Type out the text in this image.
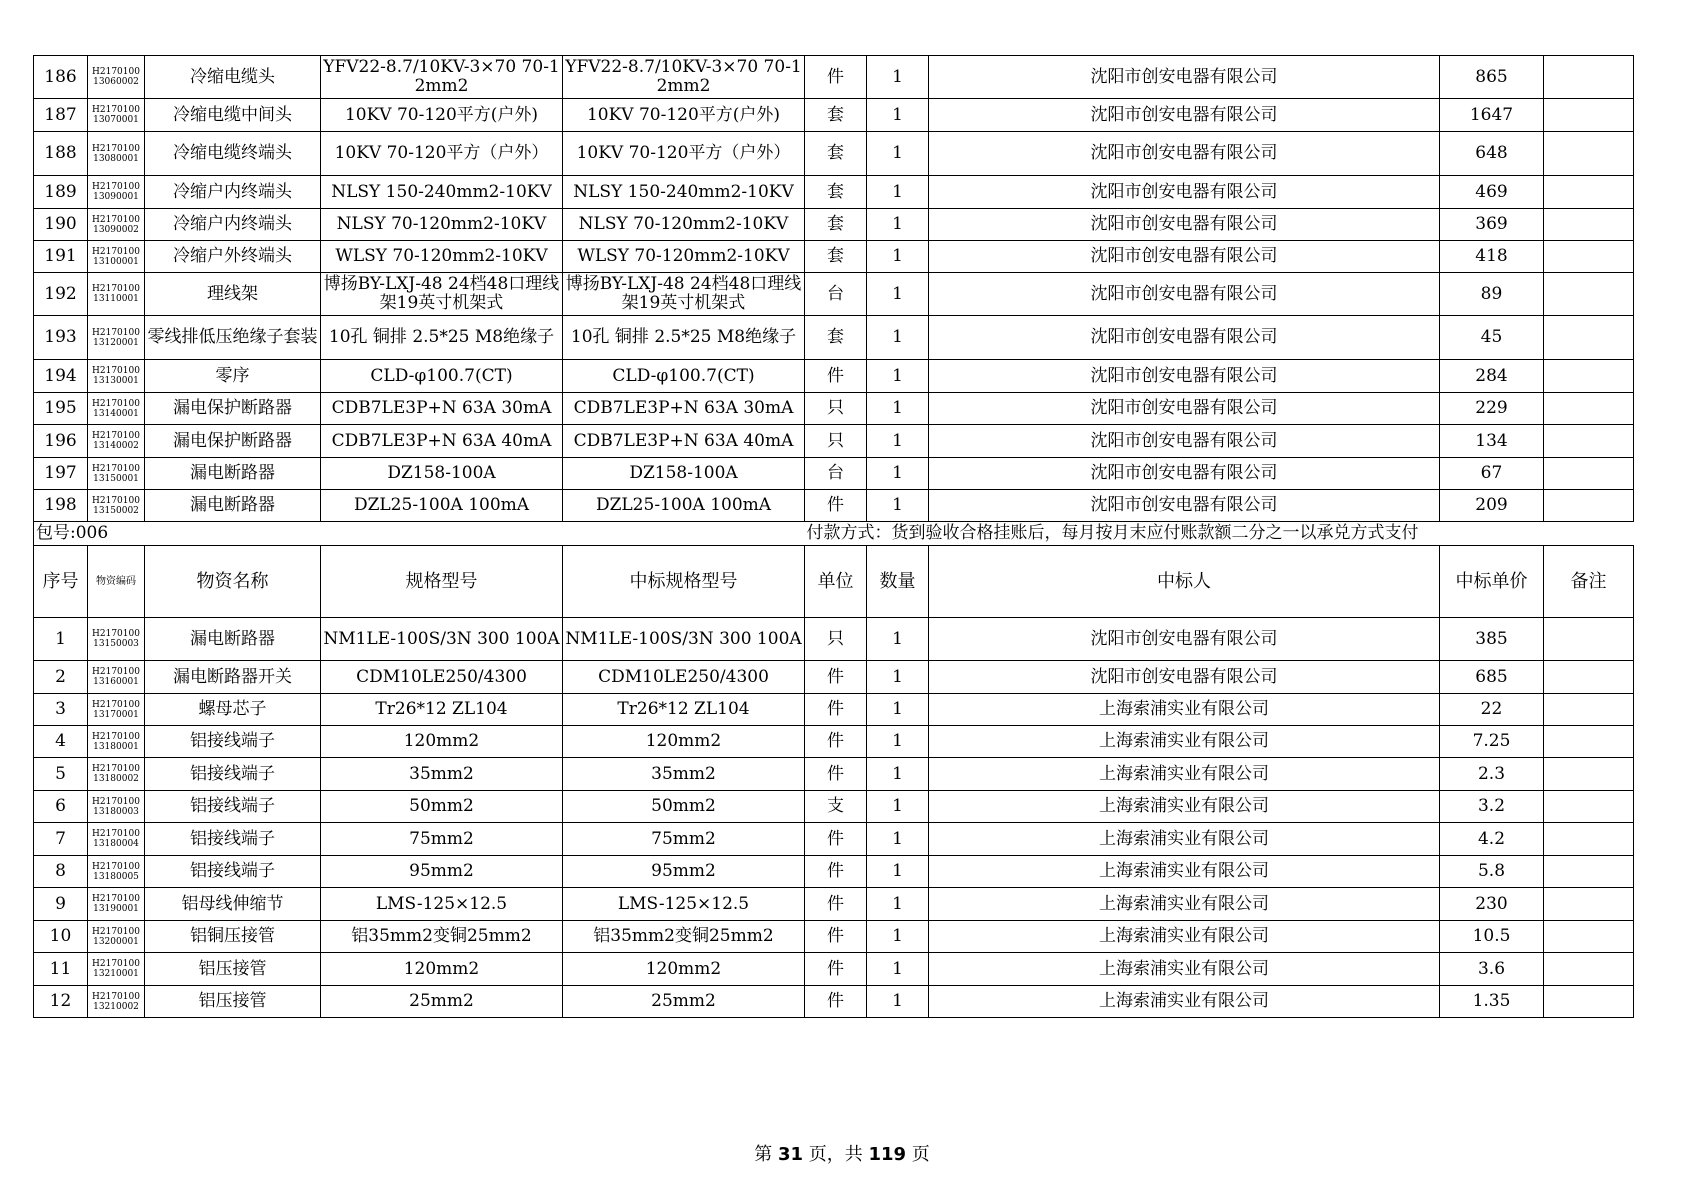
186	H2170100 13060002	冷缩电缆头	YFV22-8.7/10KV-3×70 70-12mm2	YFV22-8.7/10KV-3×70 70-12mm2	件	1	沈阳市创安电器有限公司	865	
187	H2170100 13070001	冷缩电缆中间头	10KV 70-120平方(户外)	10KV 70-120平方(户外)	套	1	沈阳市创安电器有限公司	1647	
188	H2170100 13080001	冷缩电缆终端头	10KV 70-120平方（户外）	10KV 70-120平方（户外）	套	1	沈阳市创安电器有限公司	648	
189	H2170100 13090001	冷缩户内终端头	NLSY 150-240mm2-10KV	NLSY 150-240mm2-10KV	套	1	沈阳市创安电器有限公司	469	
190	H2170100 13090002	冷缩户内终端头	NLSY 70-120mm2-10KV	NLSY 70-120mm2-10KV	套	1	沈阳市创安电器有限公司	369	
191	H2170100 13100001	冷缩户外终端头	WLSY 70-120mm2-10KV	WLSY 70-120mm2-10KV	套	1	沈阳市创安电器有限公司	418	
192	H2170100 13110001	理线架	博扬BY-LXJ-48 24档48口理线架19英寸机架式	博扬BY-LXJ-48 24档48口理线架19英寸机架式	台	1	沈阳市创安电器有限公司	89	
193	H2170100 13120001	零线排低压绝缘子套装	10孔 铜排 2.5*25 M8绝缘子	10孔 铜排 2.5*25 M8绝缘子	套	1	沈阳市创安电器有限公司	45	
194	H2170100 13130001	零序	CLD-φ100.7(CT)	CLD-φ100.7(CT)	件	1	沈阳市创安电器有限公司	284	
195	H2170100 13140001	漏电保护断路器	CDB7LE3P+N 63A 30mA	CDB7LE3P+N 63A 30mA	只	1	沈阳市创安电器有限公司	229	
196	H2170100 13140002	漏电保护断路器	CDB7LE3P+N 63A 40mA	CDB7LE3P+N 63A 40mA	只	1	沈阳市创安电器有限公司	134	
197	H2170100 13150001	漏电断路器	DZ158-100A	DZ158-100A	台	1	沈阳市创安电器有限公司	67	
198	H2170100 13150002	漏电断路器	DZL25-100A 100mA	DZL25-100A 100mA	件	1	沈阳市创安电器有限公司	209	
包号:006					付款方式：货到验收合格挂账后，每月按月末应付账款额二分之一以承兑方式支付				
序号	物资编码	物资名称	规格型号	中标规格型号	单位	数量	中标人	中标单价	备注
1	H2170100 13150003	漏电断路器	NM1LE-100S/3N 300 100A	NM1LE-100S/3N 300 100A	只	1	沈阳市创安电器有限公司	385	
2	H2170100 13160001	漏电断路器开关	CDM10LE250/4300	CDM10LE250/4300	件	1	沈阳市创安电器有限公司	685	
3	H2170100 13170001	螺母芯子	Tr26*12 ZL104	Tr26*12 ZL104	件	1	上海索浦实业有限公司	22	
4	H2170100 13180001	铝接线端子	120mm2	120mm2	件	1	上海索浦实业有限公司	7.25	
5	H2170100 13180002	铝接线端子	35mm2	35mm2	件	1	上海索浦实业有限公司	2.3	
6	H2170100 13180003	铝接线端子	50mm2	50mm2	支	1	上海索浦实业有限公司	3.2	
7	H2170100 13180004	铝接线端子	75mm2	75mm2	件	1	上海索浦实业有限公司	4.2	
8	H2170100 13180005	铝接线端子	95mm2	95mm2	件	1	上海索浦实业有限公司	5.8	
9	H2170100 13190001	铝母线伸缩节	LMS-125×12.5	LMS-125×12.5	件	1	上海索浦实业有限公司	230	
10	H2170100 13200001	铝铜压接管	铝35mm2变铜25mm2	铝35mm2变铜25mm2	件	1	上海索浦实业有限公司	10.5	
11	H2170100 13210001	铝压接管	120mm2	120mm2	件	1	上海索浦实业有限公司	3.6	
12	H2170100 13210002	铝压接管	25mm2	25mm2	件	1	上海索浦实业有限公司	1.35	
第 31 页，共 119 页
